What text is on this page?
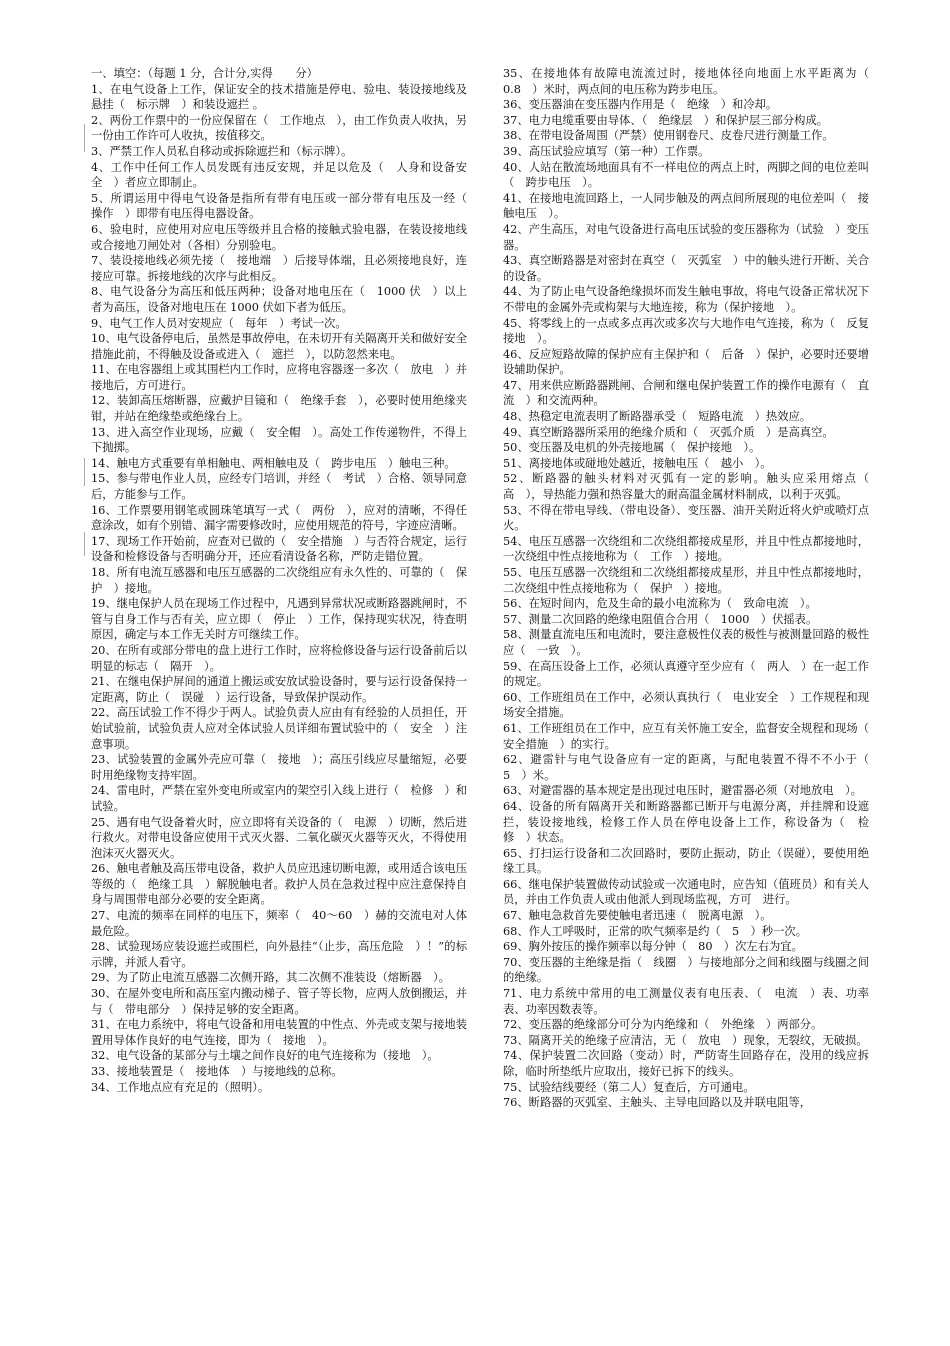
一、填空：（每题 1 分，合计分,实得　　分）

1、在电气设备上工作，保证安全的技术措施是停电、验电、装设接地线及悬挂（　标示牌　）和装设遮拦 。

2、两份工作票中的一份应保留在（　工作地点　），由工作负责人收执，另一份由工作许可人收执，按值移交。

3、严禁工作人员私自移动或拆除遮拦和（标示牌）。

4、工作中任何工作人员发既有违反安规，并足以危及（　人身和设备安全　）者应立即制止。

5、所谓运用中得电气设备是指所有带有电压或一部分带有电压及一经（　操作　）即带有电压得电器设备。

6、验电时，应使用对应电压等级并且合格的接触式验电器，在装设接地线或合接地刀闸处对（各相）分别验电。

7、装设接地线必须先接（　接地端　）后接导体端，且必须接地良好，连接应可靠。拆接地线的次序与此相反。

8、电气设备分为高压和低压两种；设备对地电压在（　1000 伏　）以上者为高压，设备对地电压在 1000 伏如下者为低压。

9、电气工作人员对安规应（　每年　）考试一次。

10、电气设备停电后，虽然是事故停电，在未切开有关隔离开关和做好安全措施此前，不得触及设备或进入（　遮拦　），以防忽然来电。

11、在电容器组上或其围栏内工作时，应将电容器逐一多次（　放电　）并接地后，方可进行。

12、装卸高压熔断器，应戴护目镜和（　绝缘手套　），必要时使用绝缘夹钳，并站在绝缘垫或绝缘台上。

13、进入高空作业现场，应戴（　安全帽　）。高处工作传递物件，不得上下抛掷。

14、触电方式重要有单相触电、两相触电及（　跨步电压　）触电三种。

15、参与带电作业人员，应经专门培训，并经（　考试　）合格、领导同意后，方能参与工作。

16、工作票要用钢笔或圆珠笔填写一式（　两份　），应对的清晰，不得任意涂改，如有个别错、漏字需要修改时，应使用规范的符号，字迹应清晰。

17、现场工作开始前，应查对已做的（　安全措施　）与否符合规定，运行设备和检修设备与否明确分开，还应看清设备名称，严防走错位置。

18、所有电流互感器和电压互感器的二次绕组应有永久性的、可靠的（　保护　）接地。

19、继电保护人员在现场工作过程中，凡遇到异常状况或断路器跳闸时，不管与自身工作与否有关，应立即（　停止　）工作，保持现实状况，待查明原因，确定与本工作无关时方可继续工作。

20、在所有或部分带电的盘上进行工作时，应将检修设备与运行设备前后以明显的标志（　隔开　）。

21、在继电保护屏间的通道上搬运或安放试验设备时，要与运行设备保持一定距离，防止（　误碰　）运行设备，导致保护误动作。

22、高压试验工作不得少于两人。试验负责人应由有有经验的人员担任，开始试验前，试验负责人应对全体试验人员详细布置试验中的（　安全　）注意事项。

23、试验装置的金属外壳应可靠（　接地　）；高压引线应尽量缩短，必要时用绝缘物支持牢固。

24、雷电时，严禁在室外变电所或室内的架空引入线上进行（　检修　）和试验。

25、遇有电气设备着火时，应立即将有关设备的（　电源　）切断，然后进行救火。对带电设备应使用干式灭火器、二氧化碳灭火器等灭火，不得使用泡沫灭火器灭火。

26、触电者触及高压带电设备，救护人员应迅速切断电源，或用适合该电压等级的（　绝缘工具　）解脱触电者。救护人员在急救过程中应注意保持自身与周围带电部分必要的安全距离。

27、电流的频率在同样的电压下，频率（　40～60　）赫的交流电对人体最危险。

28、试验现场应装设遮拦或围栏，向外悬挂“（止步，高压危险　）！”的标示牌，并派人看守。

29、为了防止电流互感器二次侧开路，其二次侧不准装设（熔断器　）。

30、在屋外变电所和高压室内搬动梯子、管子等长物，应两人放倒搬运，并与（　带电部分　）保持足够的安全距离。

31、在电力系统中，将电气设备和用电装置的中性点、外壳或支架与接地装置用导体作良好的电气连接，即为（　接地　）。

32、电气设备的某部分与土壤之间作良好的电气连接称为（接地　）。

33、接地装置是（　接地体　）与接地线的总称。

34、工作地点应有充足的（照明）。

35、在接地体有故障电流流过时，接地体径向地面上水平距离为（　0.8　）米时，两点间的电压称为跨步电压。

36、变压器油在变压器内作用是（　绝缘　）和冷却。

37、电力电缆重要由导体、（　绝缘层　）和保护层三部分构成。

38、在带电设备周围（严禁）使用钢卷尺、皮卷尺进行测量工作。

39、高压试验应填写（第一种）工作票。

40、人站在散流场地面具有不一样电位的两点上时，两脚之间的电位差叫（　跨步电压　）。

41、在接地电流回路上，一人同步触及的两点间所展现的电位差叫（　接触电压　）。

42、产生高压，对电气设备进行高电压试验的变压器称为（试验　）变压器。

43、真空断路器是对密封在真空（　灭弧室　）中的触头进行开断、关合的设备。

44、为了防止电气设备绝缘损坏而发生触电事故，将电气设备正常状况下不带电的金属外壳或构架与大地连接，称为（保护接地　）。

45、将零线上的一点或多点再次或多次与大地作电气连接，称为（　反复接地　）。

46、反应短路故障的保护应有主保护和（　后备　）保护，必要时还要增设辅助保护。

47、用来供应断路器跳闸、合闸和继电保护装置工作的操作电源有（　直流　）和交流两种。

48、热稳定电流表明了断路器承受（　短路电流　）热效应。

49、真空断路器所采用的绝缘介质和（　灭弧介质　）是高真空。

50、变压器及电机的外壳接地属（　保护接地　）。

51、离接地体或碰地处越近，接触电压（　越小　）。

52、断路器的触头材料对灭弧有一定的影响。触头应采用熔点（　高　），导热能力强和热容量大的耐高温金属材料制成，以利于灭弧。

53、不得在带电导线、（带电设备）、变压器、油开关附近将火炉或喷灯点火。

54、电压互感器一次绕组和二次绕组都接成星形，并且中性点都接地时，一次绕组中性点接地称为（　工作　）接地。

55、电压互感器一次绕组和二次绕组都接成星形，并且中性点都接地时，二次绕组中性点接地称为（　保护　）接地。

56、在短时间内，危及生命的最小电流称为（　致命电流　）。

57、测量二次回路的绝缘电阻值合合用（　1000　）伏摇表。

58、测量直流电压和电流时，要注意极性仪表的极性与被测量回路的极性应（　一致　）。

59、在高压设备上工作，必须认真遵守至少应有（　两人　）在一起工作的规定。

60、工作班组员在工作中，必须认真执行（　电业安全　）工作规程和现场安全措施。

61、工作班组员在工作中，应互有关怀施工安全，监督安全规程和现场（　安全措施　）的实行。

62、避雷针与电气设备应有一定的距离，与配电装置不得不不小于（　5　）米。

63、对避雷器的基本规定是出现过电压时，避雷器必须（对地放电　）。

64、设备的所有隔离开关和断路器都已断开与电源分离，并挂牌和设遮拦，装设接地线，检修工作人员在停电设备上工作，称设备为（　检修　）状态。

65、打扫运行设备和二次回路时，要防止振动，防止（误碰），要使用绝缘工具。

66、继电保护装置做传动试验或一次通电时，应告知（值班员）和有关人员，并由工作负责人或由他派人到现场监视，方可　进行。

67、触电急救首先要使触电者迅速（　脱离电源　）。

68、作人工呼吸时，正常的吹气频率是约（　5　）秒一次。

69、胸外按压的操作频率以每分钟（　80　）次左右为宜。

70、变压器的主绝缘是指（　线圈　）与接地部分之间和线圈与线圈之间的绝缘。

71、电力系统中常用的电工测量仪表有电压表、（　电流　）表、功率表、功率因数表等。

72、变压器的绝缘部分可分为内绝缘和（　外绝缘　）两部分。

73、隔离开关的绝缘子应清洁，无（　放电　）现象，无裂纹，无破损。

74、保护装置二次回路（变动）时，严防寄生回路存在，没用的线应拆除，临时所垫纸片应取出，接好已拆下的线头。

75、试验结线要经（第二人）复查后，方可通电。

76、断路器的灭弧室、主触头、主导电回路以及并联电阻等，
